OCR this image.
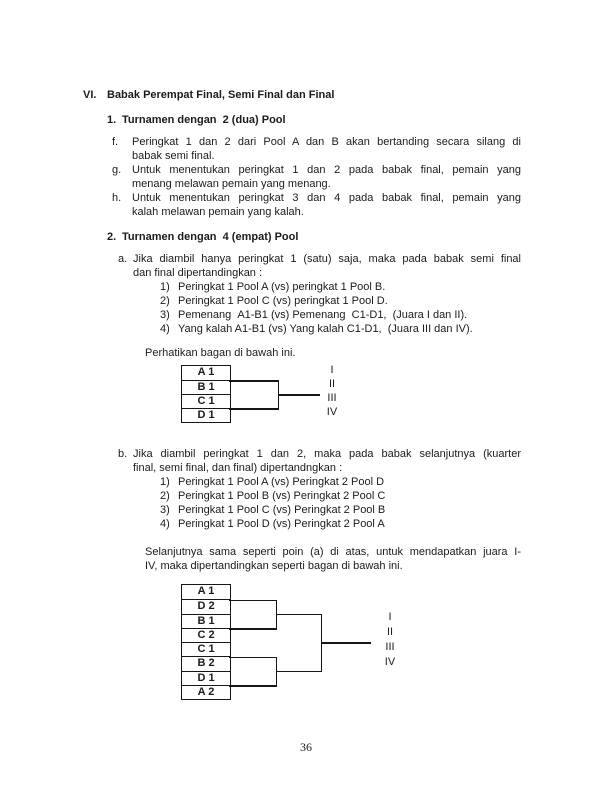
VI. Babak Perempat Final, Semi Final dan Final
1. Turnamen dengan  2 (dua) Pool
f.	Peringkat 1 dan 2 dari Pool A dan B akan bertanding secara silang di
babak semi final.
g. Untuk menentukan peringkat 1 dan 2 pada babak final, pemain yang
menang melawan pemain yang menang.
h. Untuk menentukan peringkat 3 dan 4 pada babak final, pemain yang
kalah melawan pemain yang kalah.
2. Turnamen dengan  4 (empat) Pool
a. Jika diambil hanya peringkat 1 (satu) saja, maka pada babak semi final
dan final dipertandingkan :
1) Peringkat 1 Pool A (vs) peringkat 1 Pool B.
2) Peringkat 1 Pool C (vs) peringkat 1 Pool D.
3) Pemenang  A1-B1 (vs) Pemenang  C1-D1,  (Juara I dan II).
4) Yang kalah A1-B1 (vs) Yang kalah C1-D1,  (Juara III dan IV).
Perhatikan bagan di bawah ini.
A 1
B 1
C 1
D 1
I
II
III
IV
b. Jika diambil peringkat 1 dan 2, maka pada babak selanjutnya (kuarter
final, semi final, dan final) dipertandngkan :
1) Peringkat 1 Pool A (vs) Peringkat 2 Pool D
2) Peringkat 1 Pool B (vs) Peringkat 2 Pool C
3) Peringkat 1 Pool C (vs) Peringkat 2 Pool B
4) Peringkat 1 Pool D (vs) Peringkat 2 Pool A
Selanjutnya sama seperti poin (a) di atas, untuk mendapatkan juara I-
IV, maka dipertandingkan seperti bagan di bawah ini.
A 1
D 2
B 1
C 2
C 1
B 2
D 1
A 2
I
II
III
IV
36
